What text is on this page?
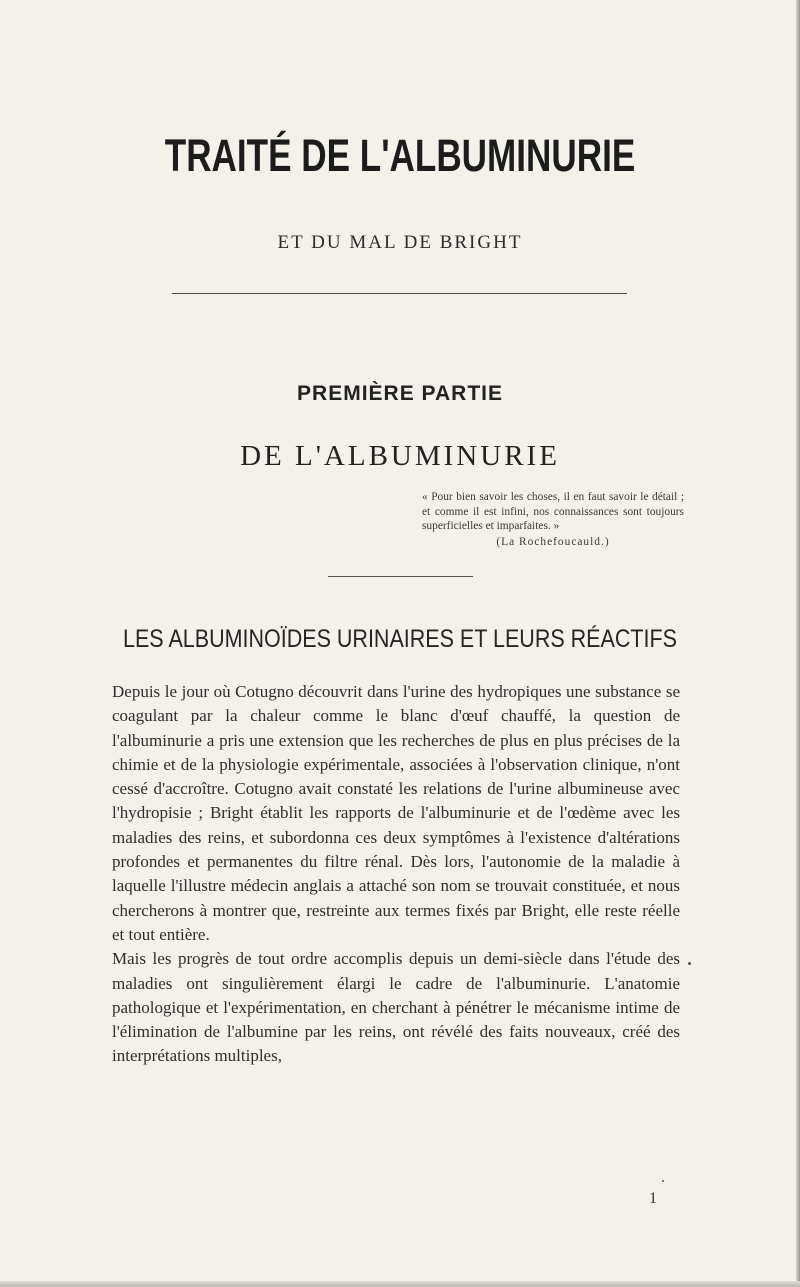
TRAITÉ DE L'ALBUMINURIE
ET DU MAL DE BRIGHT
PREMIÈRE PARTIE
DE L'ALBUMINURIE
« Pour bien savoir les choses, il en faut savoir le détail ; et comme il est infini, nos connaissances sont toujours superficielles et imparfaites. »
(La Rochefoucauld.)
LES ALBUMINOÏDES URINAIRES ET LEURS RÉACTIFS

Depuis le jour où Cotugno découvrit dans l'urine des hydropiques une substance se coagulant par la chaleur comme le blanc d'œuf chauffé, la question de l'albuminurie a pris une extension que les recherches de plus en plus précises de la chimie et de la physiologie expérimentale, associées à l'observation clinique, n'ont cessé d'accroître. Cotugno avait constaté les relations de l'urine albumineuse avec l'hydropisie ; Bright établit les rapports de l'albuminurie et de l'œdème avec les maladies des reins, et subordonna ces deux symptômes à l'existence d'altérations profondes et permanentes du filtre rénal. Dès lors, l'autonomie de la maladie à laquelle l'illustre médecin anglais a attaché son nom se trouvait constituée, et nous chercherons à montrer que, restreinte aux termes fixés par Bright, elle reste réelle et tout entière.

Mais les progrès de tout ordre accomplis depuis un demi-siècle dans l'étude des maladies ont singulièrement élargi le cadre de l'albuminurie. L'anatomie pathologique et l'expérimentation, en cherchant à pénétrer le mécanisme intime de l'élimination de l'albumine par les reins, ont révélé des faits nouveaux, créé des interprétations multiples,

1
